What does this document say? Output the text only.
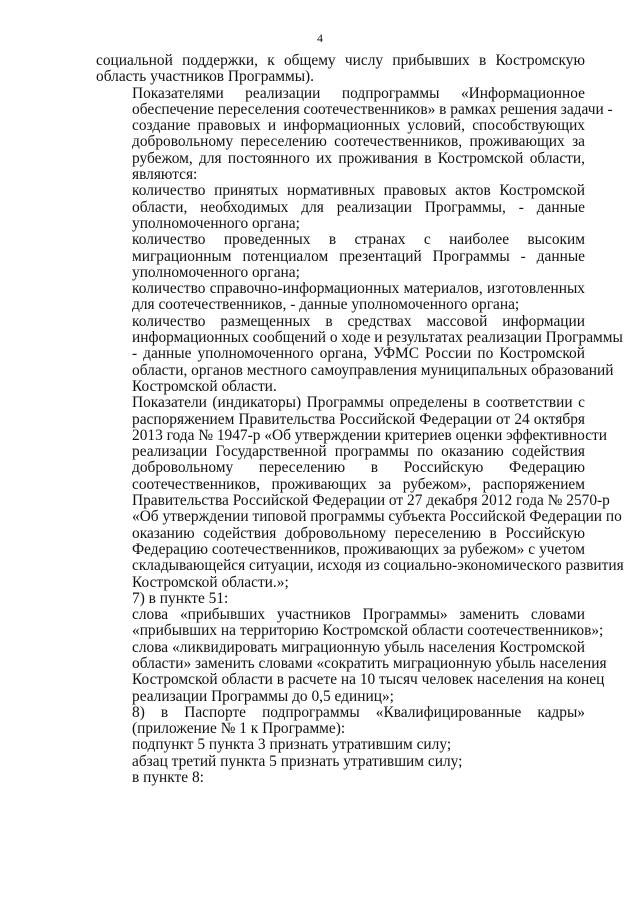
4

социальной поддержки, к общему числу прибывших в Костромскую
область участников Программы).

Показателями реализации подпрограммы «Информационное
обеспечение переселения соотечественников» в рамках решения задачи -
создание правовых и информационных условий, способствующих
добровольному переселению соотечественников, проживающих за
рубежом, для постоянного их проживания в Костромской области,
являются:

количество принятых нормативных правовых актов Костромской
области, необходимых для реализации Программы, - данные
уполномоченного органа;

количество проведенных в странах с наиболее высоким
миграционным потенциалом презентаций Программы - данные
уполномоченного органа;

количество справочно-информационных материалов, изготовленных
для соотечественников, - данные уполномоченного органа;

количество размещенных в средствах массовой информации
информационных сообщений о ходе и результатах реализации Программы
- данные уполномоченного органа, УФМС России по Костромской
области, органов местного самоуправления муниципальных образований
Костромской области.

Показатели (индикаторы) Программы определены в соответствии с
распоряжением Правительства Российской Федерации от 24 октября
2013 года № 1947-р «Об утверждении критериев оценки эффективности
реализации Государственной программы по оказанию содействия
добровольному переселению в Российскую Федерацию
соотечественников, проживающих за рубежом», распоряжением
Правительства Российской Федерации от 27 декабря 2012 года № 2570-р
«Об утверждении типовой программы субъекта Российской Федерации по
оказанию содействия добровольному переселению в Российскую
Федерацию соотечественников, проживающих за рубежом» с учетом
складывающейся ситуации, исходя из социально-экономического развития
Костромской области.»;

7) в пункте 51:

слова «прибывших участников Программы» заменить словами
«прибывших на территорию Костромской области соотечественников»;

слова «ликвидировать миграционную убыль населения Костромской
области» заменить словами «сократить миграционную убыль населения
Костромской области в расчете на 10 тысяч человек населения на конец
реализации Программы до 0,5 единиц»;

8) в Паспорте подпрограммы «Квалифицированные кадры»
(приложение № 1 к Программе):

подпункт 5 пункта 3 признать утратившим силу;

абзац третий пункта 5 признать утратившим силу;

в пункте 8:
